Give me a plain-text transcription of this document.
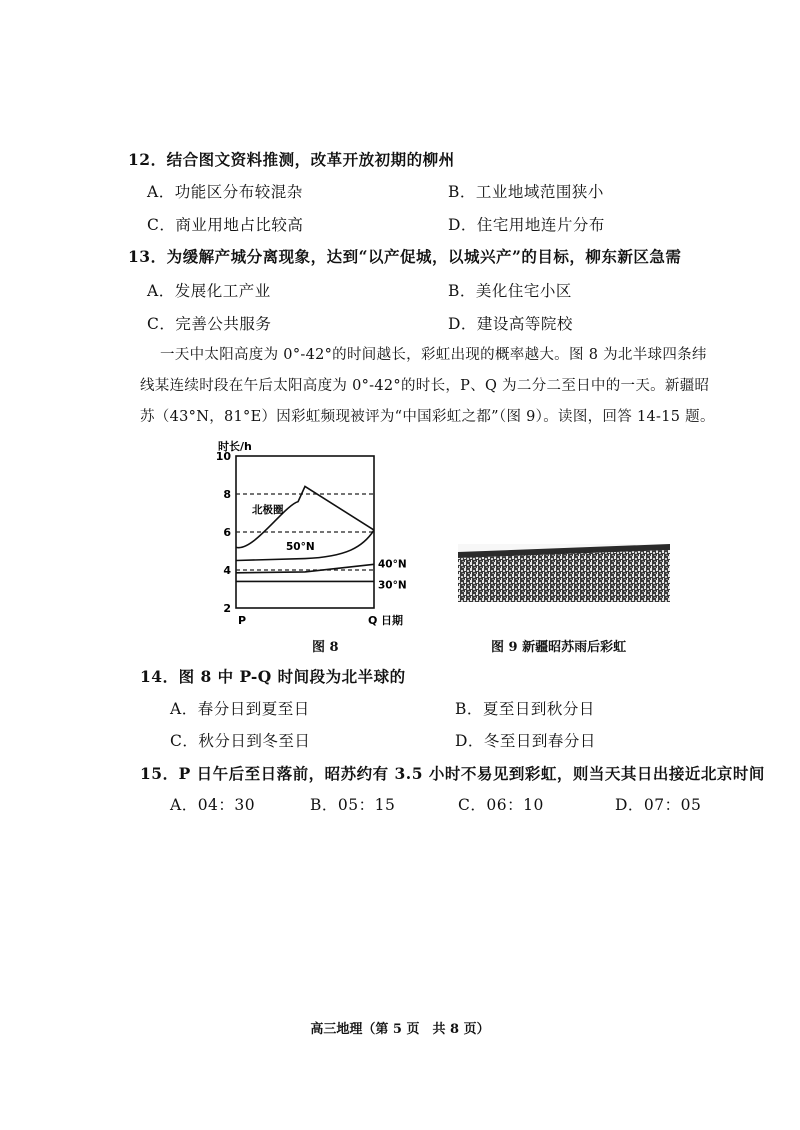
12．结合图文资料推测，改革开放初期的柳州
A．功能区分布较混杂	B．工业地域范围狭小
C．商业用地占比较高	D．住宅用地连片分布
13．为缓解产城分离现象，达到“以产促城，以城兴产”的目标，柳东新区急需
A．发展化工产业	B．美化住宅小区
C．完善公共服务	D．建设高等院校
一天中太阳高度为 0°-42°的时间越长，彩虹出现的概率越大。图 8 为北半球四条纬
线某连续时段在午后太阳高度为 0°-42°的时长，P、Q 为二分二至日中的一天。新疆昭
苏（43°N，81°E）因彩虹频现被评为“中国彩虹之都”（图 9）。读图，回答 14-15 题。
时长/h
2
4
6
8
10
北极圈
50°N
40°N
30°N
P	Q 日期
图 8	图 9 新疆昭苏雨后彩虹
14．图 8 中 P-Q 时间段为北半球的
A．春分日到夏至日	B．夏至日到秋分日
C．秋分日到冬至日	D．冬至日到春分日
15．P 日午后至日落前，昭苏约有 3.5 小时不易见到彩虹，则当天其日出接近北京时间
A．04：30	B．05：15	C．06：10	D．07：05
高三地理（第 5 页　共 8 页）
